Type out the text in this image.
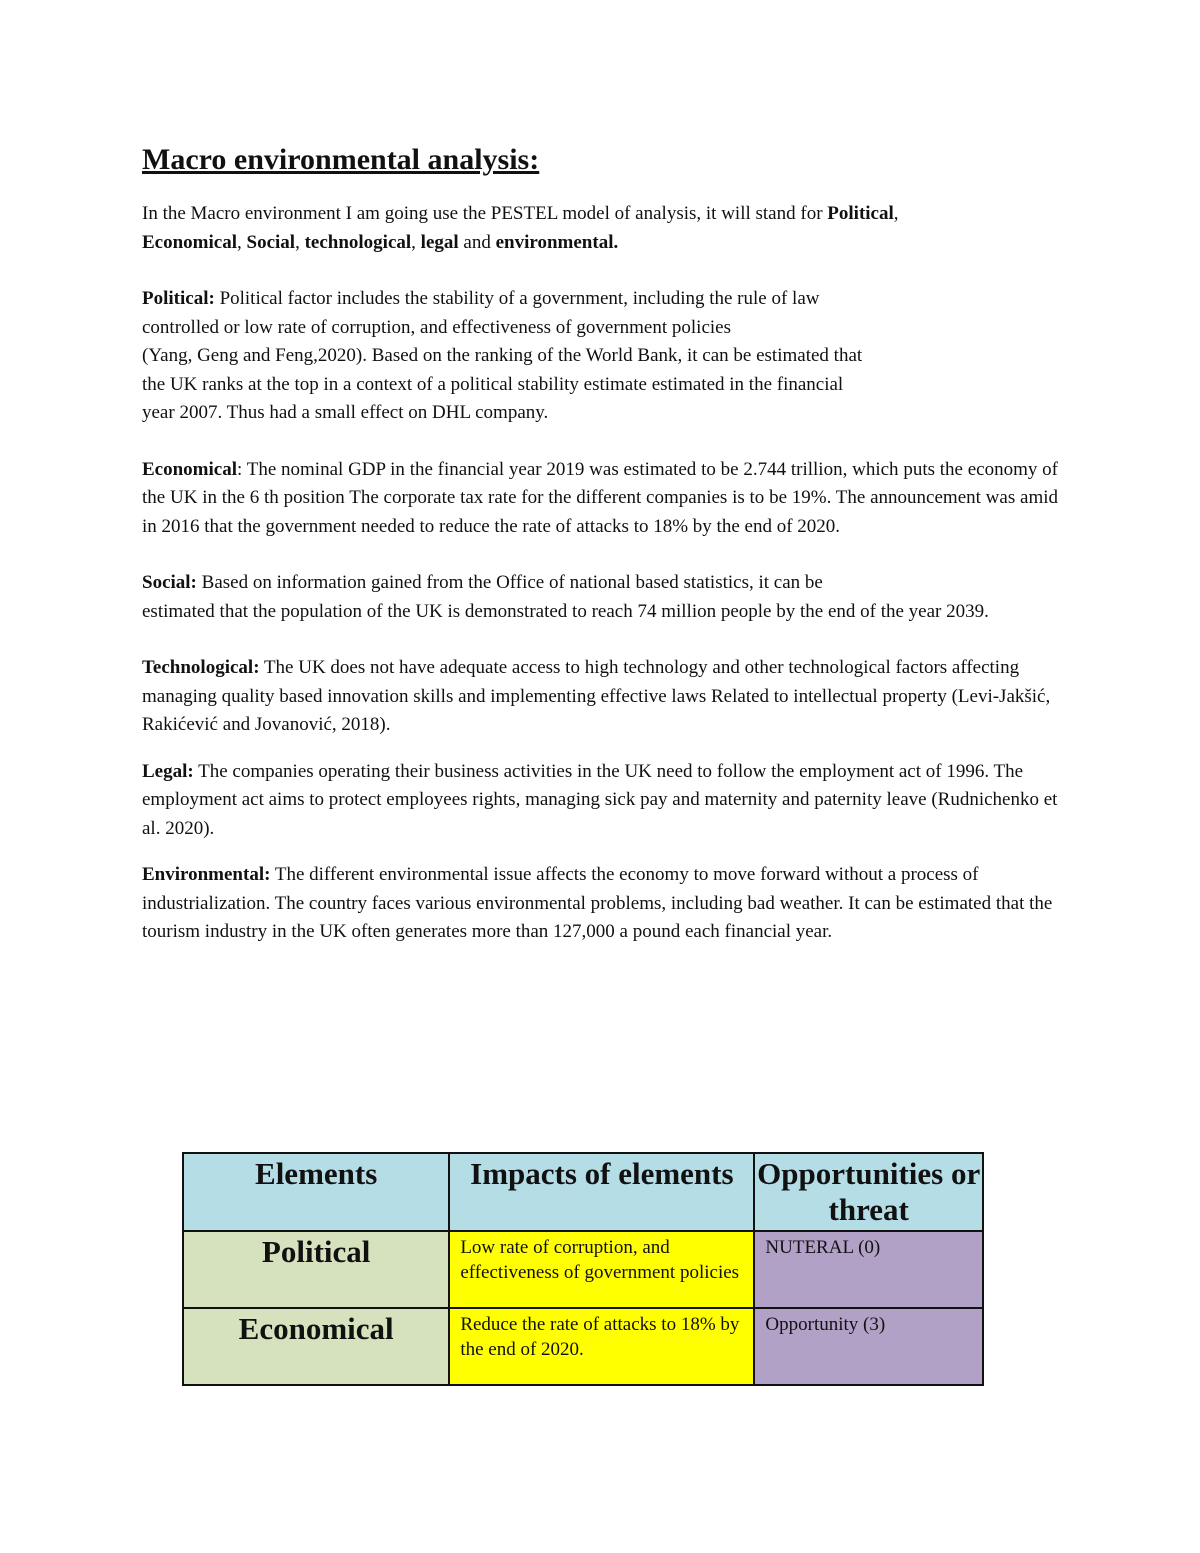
Macro environmental analysis:

In the Macro environment I am going use the PESTEL model of analysis, it will stand for Political,
Economical, Social, technological, legal and environmental.

Political: Political factor includes the stability of a government, including the rule of law
controlled or low rate of corruption, and effectiveness of government policies
(Yang, Geng and Feng,2020). Based on the ranking of the World Bank, it can be estimated that
the UK ranks at the top in a context of a political stability estimate estimated in the financial
year 2007. Thus had a small effect on DHL company.

Economical: The nominal GDP in the financial year 2019 was estimated to be 2.744 trillion, which puts the economy of the UK in the 6 th position The corporate tax rate for the different companies is to be 19%. The announcement was amid in 2016 that the government needed to reduce the rate of attacks to 18% by the end of 2020.

Social: Based on information gained from the Office of national based statistics, it can be
estimated that the population of the UK is demonstrated to reach 74 million people by the end of the year 2039.

Technological: The UK does not have adequate access to high technology and other technological factors affecting managing quality based innovation skills and implementing effective laws Related to intellectual property (Levi-Jakšić, Rakićević and Jovanović, 2018).

Legal: The companies operating their business activities in the UK need to follow the employment act of 1996. The employment act aims to protect employees rights, managing sick pay and maternity and paternity leave (Rudnichenko et al. 2020).

Environmental: The different environmental issue affects the economy to move forward without a process of industrialization. The country faces various environmental problems, including bad weather. It can be estimated that the tourism industry in the UK often generates more than 127,000 a pound each financial year.

Elements	Impacts of elements	Opportunities or threat
Political	Low rate of corruption, and effectiveness of government policies	NUTERAL (0)
Economical	Reduce the rate of attacks to 18% by the end of 2020.	Opportunity (3)
